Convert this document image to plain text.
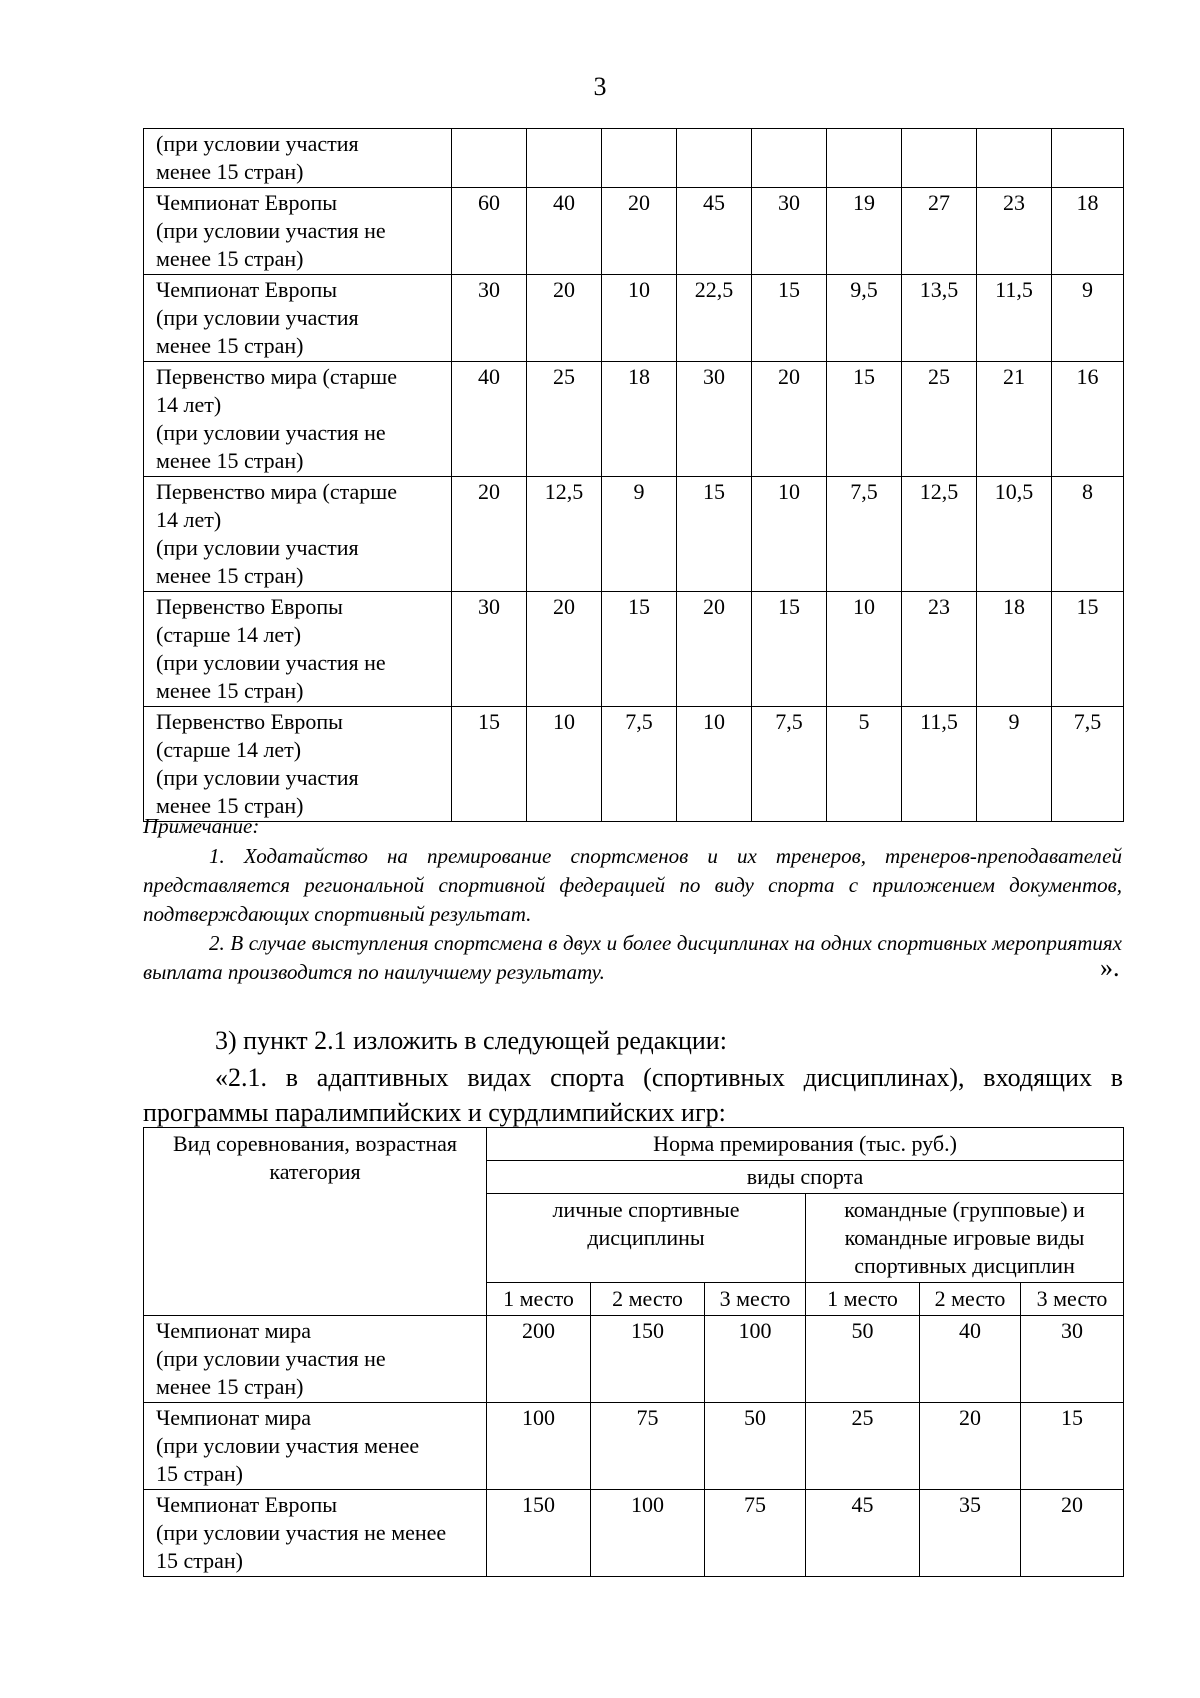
3
(при условии участия
менее 15 стран)									
Чемпионат Европы
(при условии участия не
менее 15 стран)	60	40	20	45	30	19	27	23	18
Чемпионат Европы
(при условии участия
менее 15 стран)	30	20	10	22,5	15	9,5	13,5	11,5	9
Первенство мира (старше
14 лет)
(при условии участия не
менее 15 стран)	40	25	18	30	20	15	25	21	16
Первенство мира (старше
14 лет)
(при условии участия
менее 15 стран)	20	12,5	9	15	10	7,5	12,5	10,5	8
Первенство Европы
(старше 14 лет)
(при условии участия не
менее 15 стран)	30	20	15	20	15	10	23	18	15
Первенство Европы
(старше 14 лет)
(при условии участия
менее 15 стран)	15	10	7,5	10	7,5	5	11,5	9	7,5
Примечание:
1. Ходатайство на премирование спортсменов и их тренеров, тренеров-преподавателей представляется региональной спортивной федерацией по виду спорта с приложением документов, подтверждающих спортивный результат.
2. В случае выступления спортсмена в двух и более дисциплинах на одних спортивных мероприятиях выплата производится по наилучшему результату.	».
3) пункт 2.1 изложить в следующей редакции:
«2.1. в адаптивных видах спорта (спортивных дисциплинах), входящих в программы паралимпийских и сурдлимпийских игр:
Вид соревнования, возрастная категория	Норма премирования (тыс. руб.)					
	виды спорта					
	личные спортивные дисциплины			командные (групповые) и командные игровые виды спортивных дисциплин		
	1 место	2 место	3 место	1 место	2 место	3 место
Чемпионат мира
(при условии участия не
менее 15 стран)	200	150	100	50	40	30
Чемпионат мира
(при условии участия менее
15 стран)	100	75	50	25	20	15
Чемпионат Европы
(при условии участия не менее
15 стран)	150	100	75	45	35	20
